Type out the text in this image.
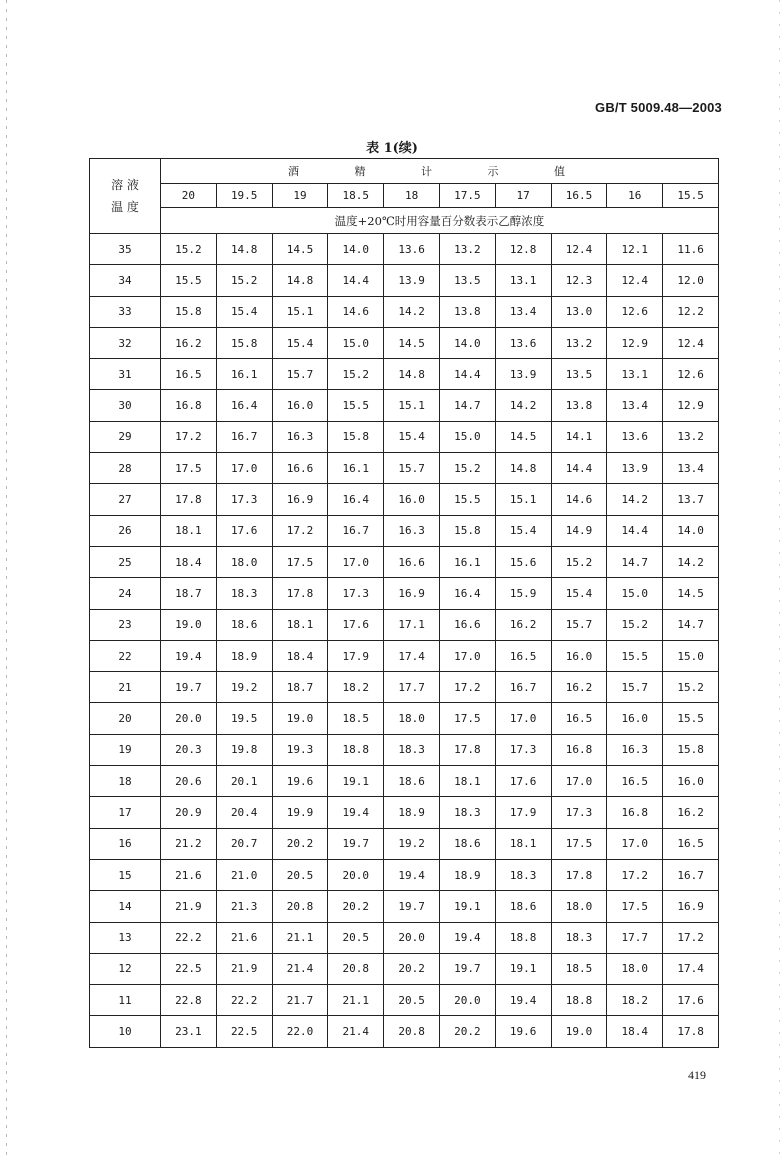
GB/T 5009.48—2003
表 1(续)
溶 液
温 度	酒 精 计 示 值									
	20	19.5	19	18.5	18	17.5	17	16.5	16	15.5
	温度+20℃时用容量百分数表示乙醇浓度									
35	15.2	14.8	14.5	14.0	13.6	13.2	12.8	12.4	12.1	11.6
34	15.5	15.2	14.8	14.4	13.9	13.5	13.1	12.3	12.4	12.0
33	15.8	15.4	15.1	14.6	14.2	13.8	13.4	13.0	12.6	12.2
32	16.2	15.8	15.4	15.0	14.5	14.0	13.6	13.2	12.9	12.4
31	16.5	16.1	15.7	15.2	14.8	14.4	13.9	13.5	13.1	12.6
30	16.8	16.4	16.0	15.5	15.1	14.7	14.2	13.8	13.4	12.9
29	17.2	16.7	16.3	15.8	15.4	15.0	14.5	14.1	13.6	13.2
28	17.5	17.0	16.6	16.1	15.7	15.2	14.8	14.4	13.9	13.4
27	17.8	17.3	16.9	16.4	16.0	15.5	15.1	14.6	14.2	13.7
26	18.1	17.6	17.2	16.7	16.3	15.8	15.4	14.9	14.4	14.0
25	18.4	18.0	17.5	17.0	16.6	16.1	15.6	15.2	14.7	14.2
24	18.7	18.3	17.8	17.3	16.9	16.4	15.9	15.4	15.0	14.5
23	19.0	18.6	18.1	17.6	17.1	16.6	16.2	15.7	15.2	14.7
22	19.4	18.9	18.4	17.9	17.4	17.0	16.5	16.0	15.5	15.0
21	19.7	19.2	18.7	18.2	17.7	17.2	16.7	16.2	15.7	15.2
20	20.0	19.5	19.0	18.5	18.0	17.5	17.0	16.5	16.0	15.5
19	20.3	19.8	19.3	18.8	18.3	17.8	17.3	16.8	16.3	15.8
18	20.6	20.1	19.6	19.1	18.6	18.1	17.6	17.0	16.5	16.0
17	20.9	20.4	19.9	19.4	18.9	18.3	17.9	17.3	16.8	16.2
16	21.2	20.7	20.2	19.7	19.2	18.6	18.1	17.5	17.0	16.5
15	21.6	21.0	20.5	20.0	19.4	18.9	18.3	17.8	17.2	16.7
14	21.9	21.3	20.8	20.2	19.7	19.1	18.6	18.0	17.5	16.9
13	22.2	21.6	21.1	20.5	20.0	19.4	18.8	18.3	17.7	17.2
12	22.5	21.9	21.4	20.8	20.2	19.7	19.1	18.5	18.0	17.4
11	22.8	22.2	21.7	21.1	20.5	20.0	19.4	18.8	18.2	17.6
10	23.1	22.5	22.0	21.4	20.8	20.2	19.6	19.0	18.4	17.8
419
